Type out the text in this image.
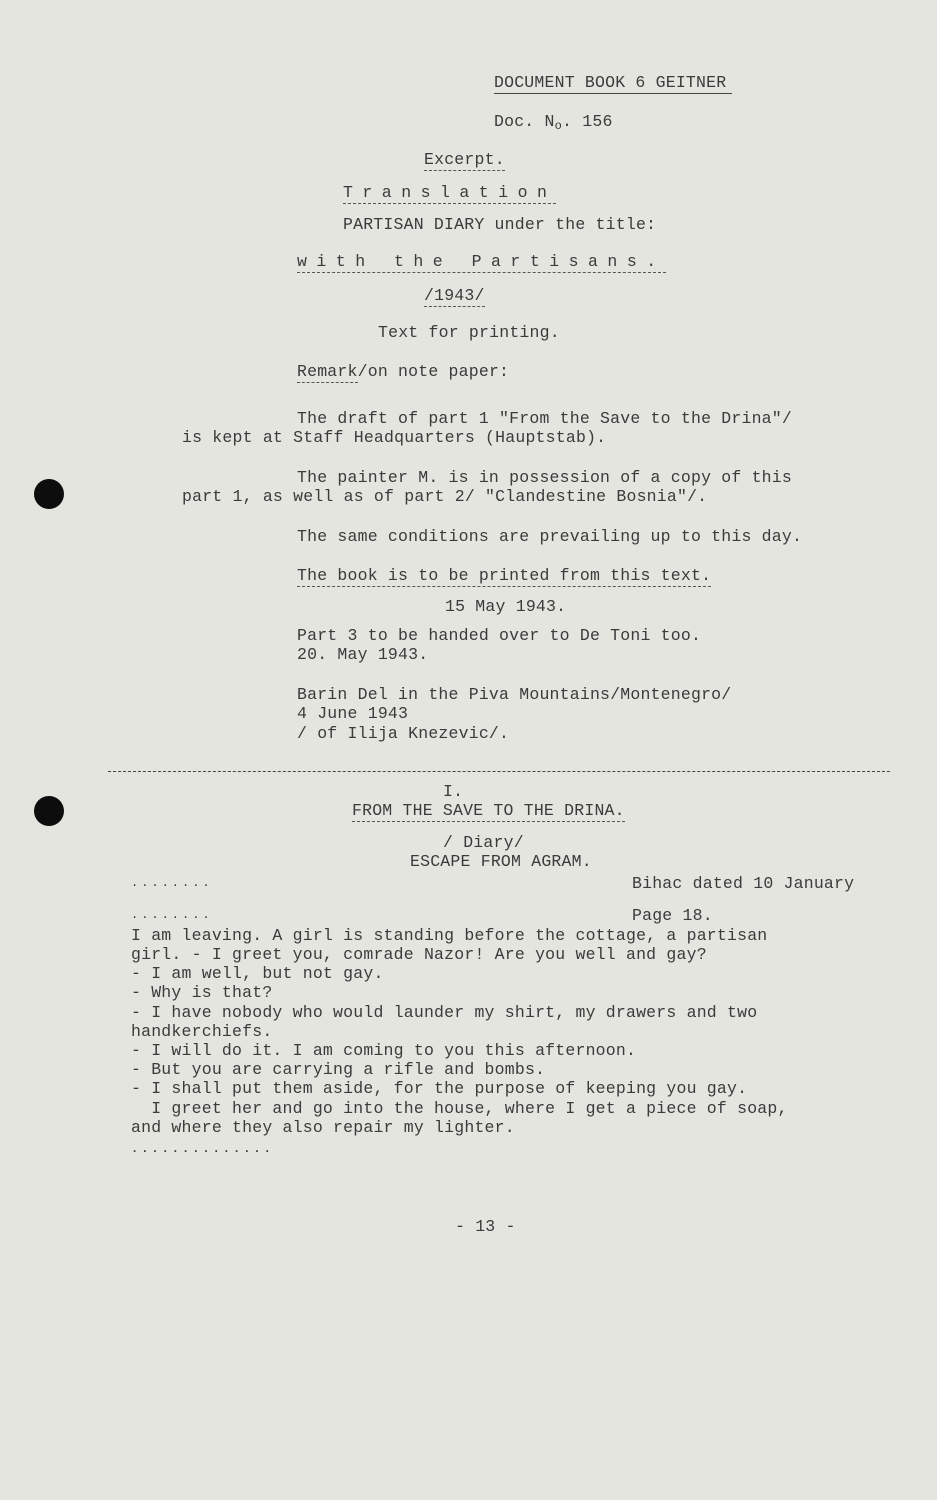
DOCUMENT BOOK 6 GEITNER
Doc. No. 156
Excerpt.
Translation
PARTISAN DIARY under the title:
with the Partisans.
/1943/
Text for printing.
Remark/on note paper:
The draft of part 1 "From the Save to the Drina"/
is kept at Staff Headquarters (Hauptstab).
The painter M. is in possession of a copy of this
part 1, as well as of part 2/ "Clandestine Bosnia"/.
The same conditions are prevailing up to this day.
The book is to be printed from this text.
15 May 1943.
Part 3 to be handed over to De Toni too.
20. May 1943.
Barin Del in the Piva Mountains/Montenegro/
4 June 1943
/ of Ilija Knezevic/.
I.
FROM THE SAVE TO THE DRINA.
/ Diary/
ESCAPE FROM AGRAM.
........	Bihac dated 10 January
........	Page 18.
I am leaving. A girl is standing before the cottage, a partisan
girl. - I greet you, comrade Nazor! Are you well and gay?
- I am well, but not gay.
- Why is that?
- I have nobody who would launder my shirt, my drawers and two
handkerchiefs.
- I will do it. I am coming to you this afternoon.
- But you are carrying a rifle and bombs.
- I shall put them aside, for the purpose of keeping you gay.
I greet her and go into the house, where I get a piece of soap,
and where they also repair my lighter.
..............
- 13 -
